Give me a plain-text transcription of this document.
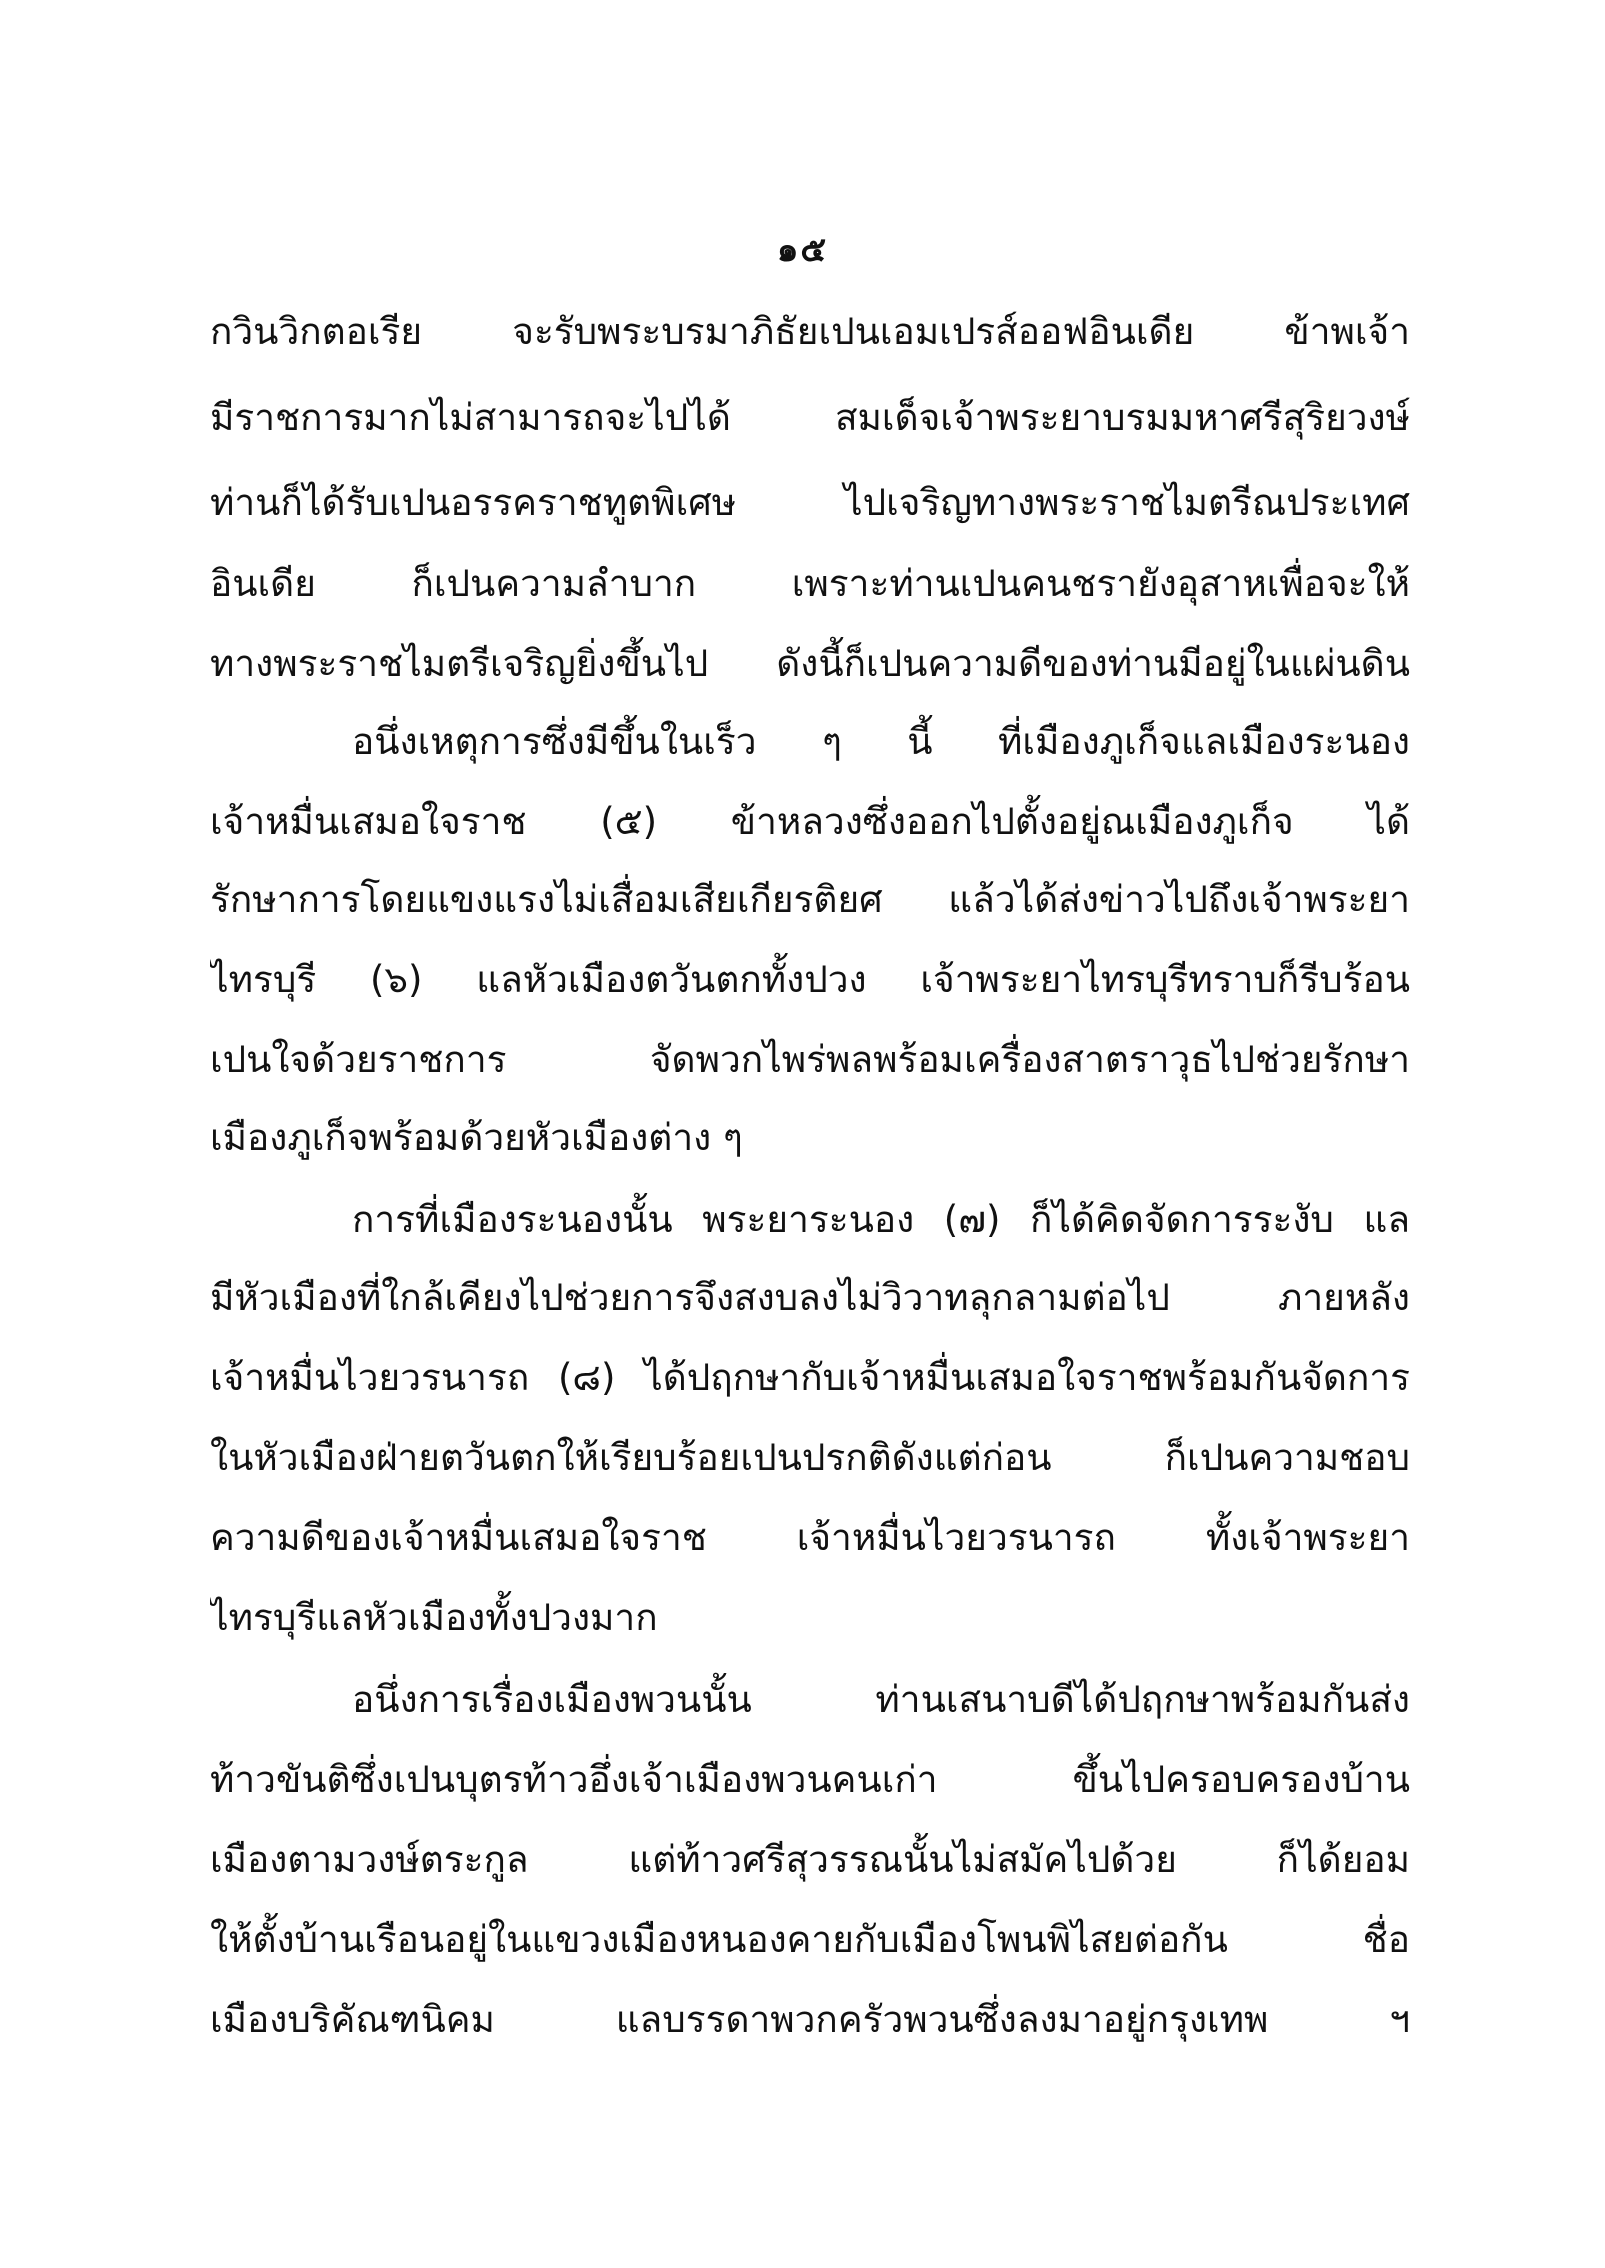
๑๕
กวินวิกตอเรีย จะรับพระบรมาภิธัยเปนเอมเปรส์ออฟอินเดีย ข้าพเจ้า
มีราชการมากไม่สามารถจะไปได้ สมเด็จเจ้าพระยาบรมมหาศรีสุริยวงษ์
ท่านก็ได้รับเปนอรรคราชทูตพิเศษ ไปเจริญทางพระราชไมตรีณประเทศ
อินเดีย ก็เปนความลำบาก เพราะท่านเปนคนชรายังอุสาหเพื่อจะให้
ทางพระราชไมตรีเจริญยิ่งขึ้นไป ดังนี้ก็เปนความดีของท่านมีอยู่ในแผ่นดิน
อนึ่งเหตุการซึ่งมีขึ้นในเร็ว ๆ นี้ ที่เมืองภูเก็จแลเมืองระนอง
เจ้าหมื่นเสมอใจราช (๕) ข้าหลวงซึ่งออกไปตั้งอยู่ณเมืองภูเก็จ ได้
รักษาการโดยแขงแรงไม่เสื่อมเสียเกียรติยศ แล้วได้ส่งข่าวไปถึงเจ้าพระยา
ไทรบุรี (๖) แลหัวเมืองตวันตกทั้งปวง เจ้าพระยาไทรบุรีทราบก็รีบร้อน
เปนใจด้วยราชการ จัดพวกไพร่พลพร้อมเครื่องสาตราวุธไปช่วยรักษา
เมืองภูเก็จพร้อมด้วยหัวเมืองต่าง ๆ
การที่เมืองระนองนั้น พระยาระนอง (๗) ก็ได้คิดจัดการระงับ แล
มีหัวเมืองที่ใกล้เคียงไปช่วยการจึงสงบลงไม่วิวาทลุกลามต่อไป ภายหลัง
เจ้าหมื่นไวยวรนารถ (๘) ได้ปฤกษากับเจ้าหมื่นเสมอใจราชพร้อมกันจัดการ
ในหัวเมืองฝ่ายตวันตกให้เรียบร้อยเปนปรกติดังแต่ก่อน ก็เปนความชอบ
ความดีของเจ้าหมื่นเสมอใจราช เจ้าหมื่นไวยวรนารถ ทั้งเจ้าพระยา
ไทรบุรีแลหัวเมืองทั้งปวงมาก
อนึ่งการเรื่องเมืองพวนนั้น ท่านเสนาบดีได้ปฤกษาพร้อมกันส่ง
ท้าวขันติซึ่งเปนบุตรท้าวอึ่งเจ้าเมืองพวนคนเก่า ขึ้นไปครอบครองบ้าน
เมืองตามวงษ์ตระกูล แต่ท้าวศรีสุวรรณนั้นไม่สมัคไปด้วย ก็ได้ยอม
ให้ตั้งบ้านเรือนอยู่ในแขวงเมืองหนองคายกับเมืองโพนพิไสยต่อกัน ชื่อ
เมืองบริคัณฑนิคม แลบรรดาพวกครัวพวนซึ่งลงมาอยู่กรุงเทพ ฯ
